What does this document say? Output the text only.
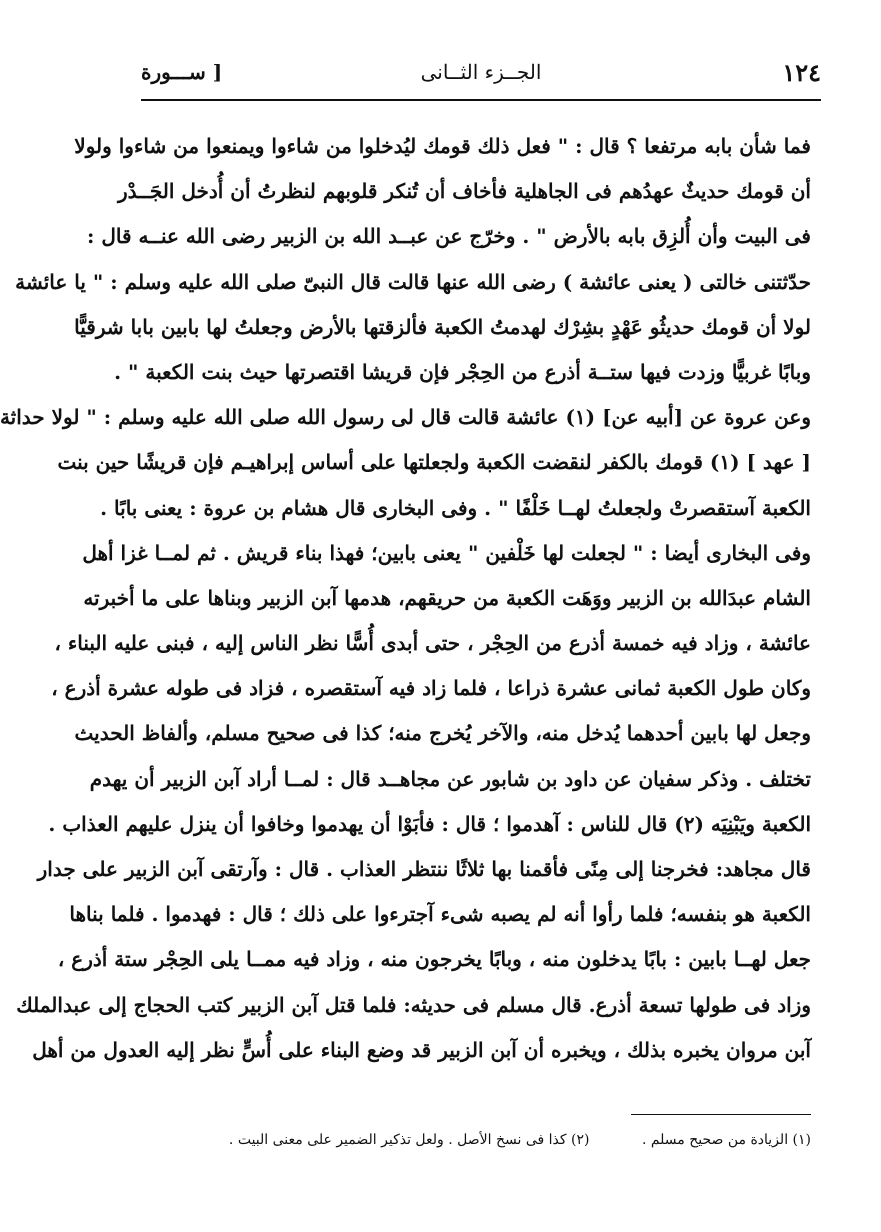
١٢٤
الجــزء الثــانى
[ ســـورة
فما شأن بابه مرتفعا ؟ قال : " فعل ذلك قومك ليُدخلوا من شاءوا ويمنعوا من شاءوا ولولا
أن قومك حديثٌ عهدُهم فى الجاهلية فأخاف أن تُنكر قلوبهم لنظرتُ أن أُدخل الجَــدْر
فى البيت وأن أُلزِق بابه بالأرض " . وخرّج عن عبــد الله بن الزبير رضى الله عنــه قال :
حدّثتنى خالتى ( يعنى عائشة ) رضى الله عنها قالت قال النبىّ صلى الله عليه وسلم : " يا عائشة
لولا أن قومك حديثُو عَهْدٍ بشِرْك لهدمتُ الكعبة فألزقتها بالأرض وجعلتُ لها بابين بابا شرقيًّا
وبابًا غربيًّا وزدت فيها ستــة أذرع من الحِجْر فإن قريشا اقتصرتها حيث بنت الكعبة " .
وعن عروة عن [أبيه عن] (١) عائشة قالت قال لى رسول الله صلى الله عليه وسلم : " لولا حداثة
[ عهد ] (١) قومك بالكفر لنقضت الكعبة ولجعلتها على أساس إبراهيـم فإن قريشًا حين بنت
الكعبة آستقصرتْ ولجعلتُ لهــا خَلْفًا " . وفى البخارى قال هشام بن عروة : يعنى بابًا .
وفى البخارى أيضا : " لجعلت لها خَلْفين " يعنى بابين؛ فهذا بناء قريش . ثم لمــا غزا أهل
الشام عبدَالله بن الزبير ووَهَت الكعبة من حريقهم، هدمها آبن الزبير وبناها على ما أخبرته
عائشة ، وزاد فيه خمسة أذرع من الحِجْر ، حتى أبدى أُسًّا نظر الناس إليه ، فبنى عليه البناء ،
وكان طول الكعبة ثمانى عشرة ذراعا ، فلما زاد فيه آستقصره ، فزاد فى طوله عشرة أذرع ،
وجعل لها بابين أحدهما يُدخل منه، والآخر يُخرج منه؛ كذا فى صحيح مسلم، وألفاظ الحديث
تختلف . وذكر سفيان عن داود بن شابور عن مجاهــد قال : لمــا أراد آبن الزبير أن يهدم
الكعبة ويَبْنِيَه (٢) قال للناس : آهدموا ؛ قال : فأبَوْا أن يهدموا وخافوا أن ينزل عليهم العذاب .
قال مجاهد: فخرجنا إلى مِنًى فأقمنا بها ثلاثًا ننتظر العذاب . قال : وآرتقى آبن الزبير على جدار
الكعبة هو بنفسه؛ فلما رأوا أنه لم يصبه شىء آجترءوا على ذلك ؛ قال : فهدموا . فلما بناها
جعل لهــا بابين : بابًا يدخلون منه ، وبابًا يخرجون منه ، وزاد فيه ممــا يلى الحِجْر ستة أذرع ،
وزاد فى طولها تسعة أذرع. قال مسلم فى حديثه: فلما قتل آبن الزبير كتب الحجاج إلى عبدالملك
آبن مروان يخبره بذلك ، ويخبره أن آبن الزبير قد وضع البناء على أُسٍّ نظر إليه العدول من أهل
(١) الزيادة من صحيح مسلم . (٢) كذا فى نسخ الأصل . ولعل تذكير الضمير على معنى البيت .
